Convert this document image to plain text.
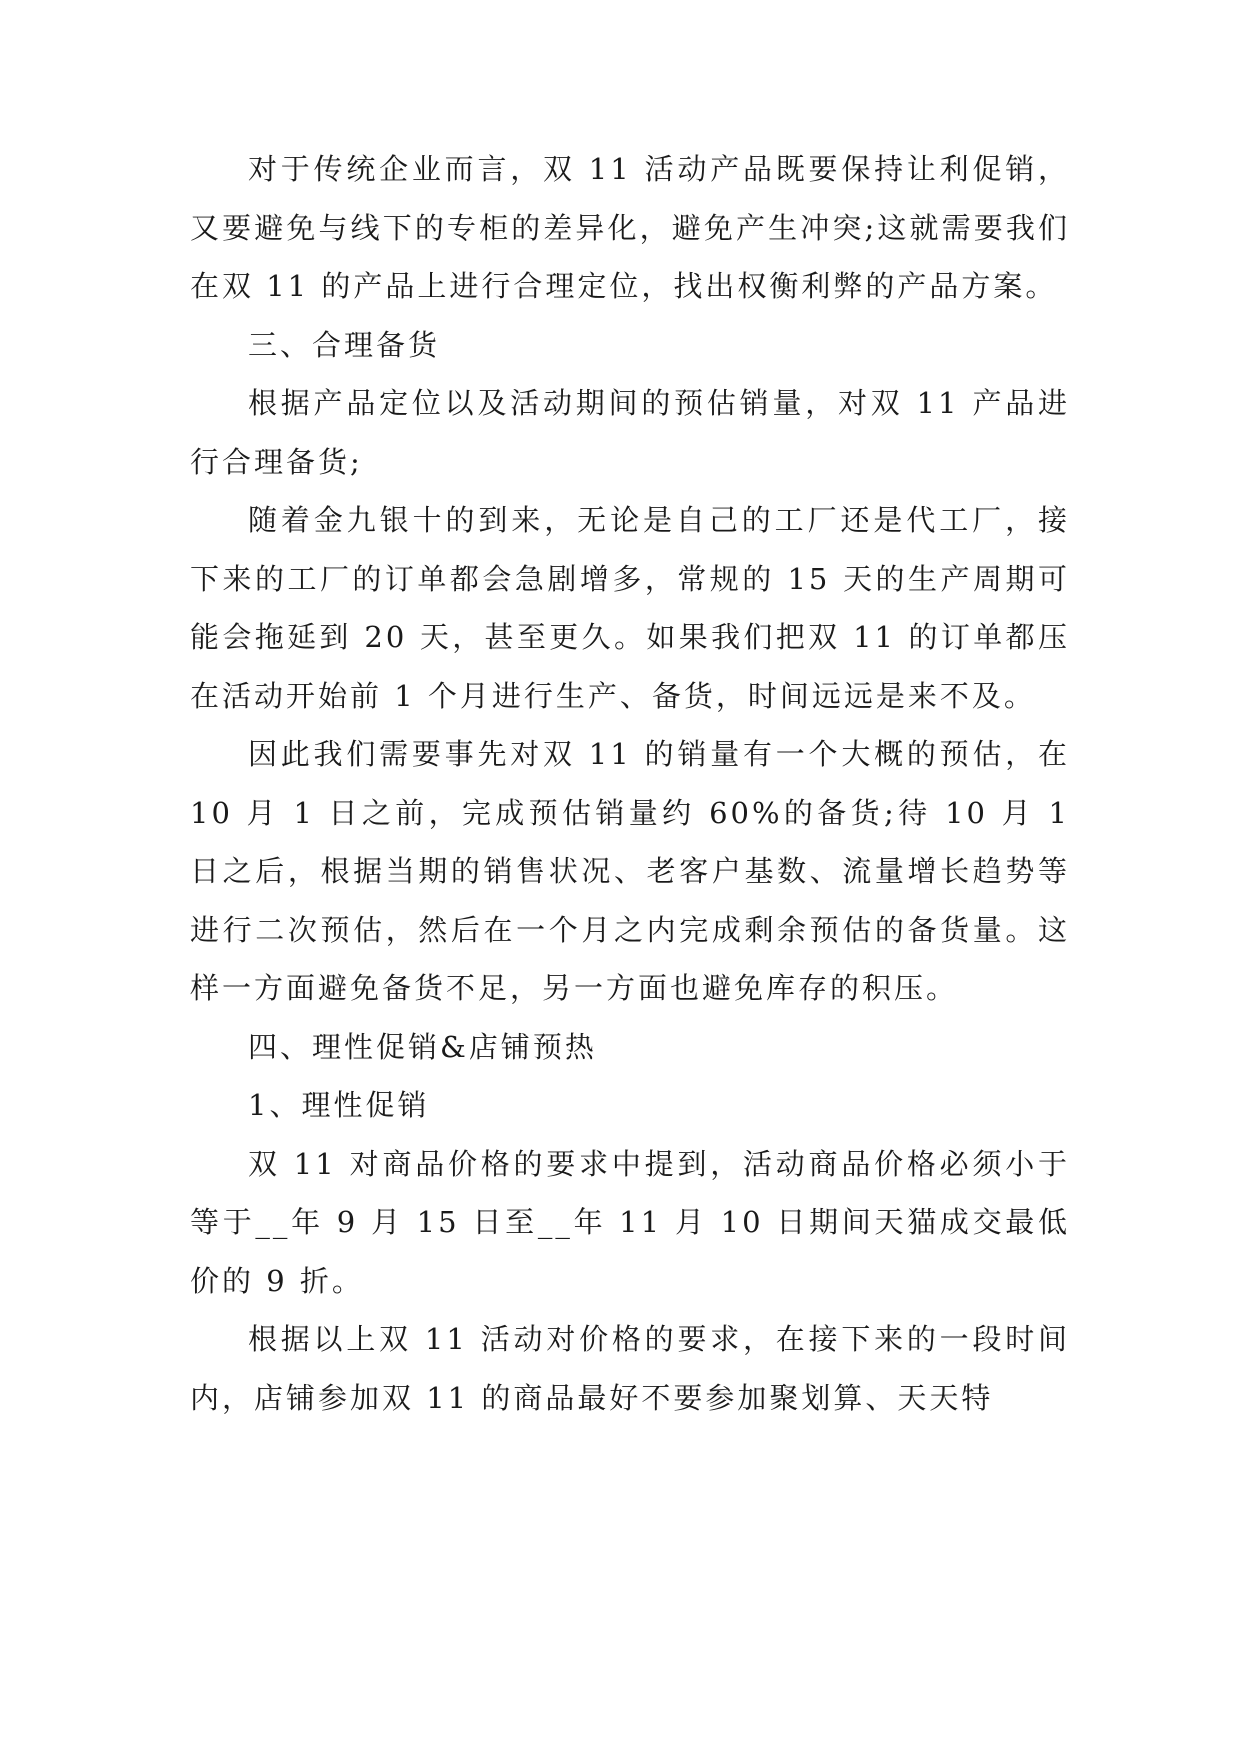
对于传统企业而言，双 11 活动产品既要保持让利促销，又要避免与线下的专柜的差异化，避免产生冲突;这就需要我们在双 11 的产品上进行合理定位，找出权衡利弊的产品方案。

三、合理备货

根据产品定位以及活动期间的预估销量，对双 11 产品进行合理备货;

随着金九银十的到来，无论是自己的工厂还是代工厂，接下来的工厂的订单都会急剧增多，常规的 15 天的生产周期可能会拖延到 20 天，甚至更久。如果我们把双 11 的订单都压在活动开始前 1 个月进行生产、备货，时间远远是来不及。

因此我们需要事先对双 11 的销量有一个大概的预估，在 10 月 1 日之前，完成预估销量约 60%的备货;待 10 月 1 日之后，根据当期的销售状况、老客户基数、流量增长趋势等进行二次预估，然后在一个月之内完成剩余预估的备货量。这样一方面避免备货不足，另一方面也避免库存的积压。

四、理性促销&店铺预热

1、理性促销

双 11 对商品价格的要求中提到，活动商品价格必须小于等于__年 9 月 15 日至__年 11 月 10 日期间天猫成交最低价的 9 折。

根据以上双 11 活动对价格的要求，在接下来的一段时间内，店铺参加双 11 的商品最好不要参加聚划算、天天特
